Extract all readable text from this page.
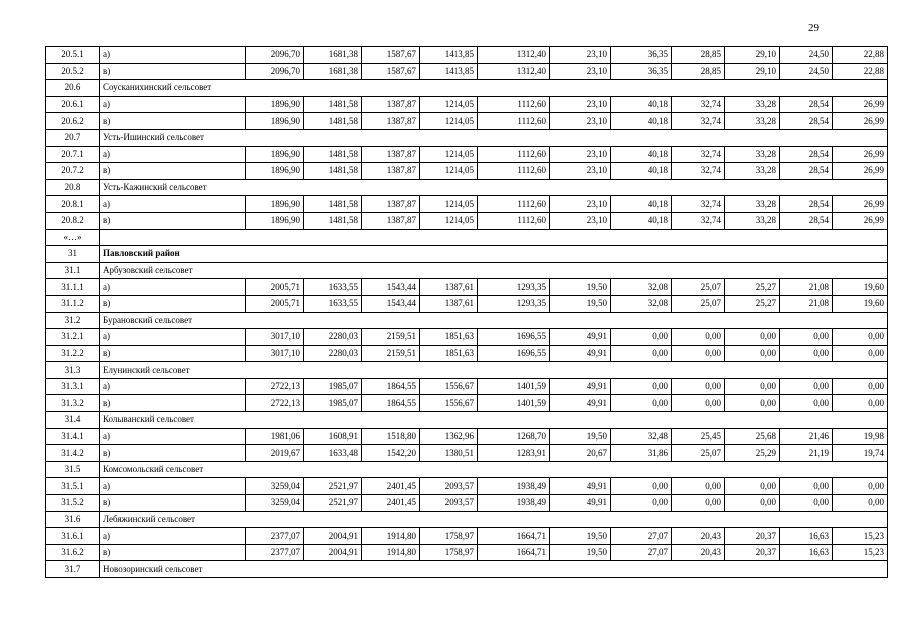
29
20.5.1	а)	2096,70	1681,38	1587,67	1413,85	1312,40	23,10	36,35	28,85	29,10	24,50	22,88
20.5.2	в)	2096,70	1681,38	1587,67	1413,85	1312,40	23,10	36,35	28,85	29,10	24,50	22,88
20.6	Соусканихинский сельсовет											
20.6.1	а)	1896,90	1481,58	1387,87	1214,05	1112,60	23,10	40,18	32,74	33,28	28,54	26,99
20.6.2	в)	1896,90	1481,58	1387,87	1214,05	1112,60	23,10	40,18	32,74	33,28	28,54	26,99
20.7	Усть-Ишинский сельсовет											
20.7.1	а)	1896,90	1481,58	1387,87	1214,05	1112,60	23,10	40,18	32,74	33,28	28,54	26,99
20.7.2	в)	1896,90	1481,58	1387,87	1214,05	1112,60	23,10	40,18	32,74	33,28	28,54	26,99
20.8	Усть-Кажинский сельсовет											
20.8.1	а)	1896,90	1481,58	1387,87	1214,05	1112,60	23,10	40,18	32,74	33,28	28,54	26,99
20.8.2	в)	1896,90	1481,58	1387,87	1214,05	1112,60	23,10	40,18	32,74	33,28	28,54	26,99
«…»												
31	Павловский район											
31.1	Арбузовский сельсовет											
31.1.1	а)	2005,71	1633,55	1543,44	1387,61	1293,35	19,50	32,08	25,07	25,27	21,08	19,60
31.1.2	в)	2005,71	1633,55	1543,44	1387,61	1293,35	19,50	32,08	25,07	25,27	21,08	19,60
31.2	Бурановский сельсовет											
31.2.1	а)	3017,10	2280,03	2159,51	1851,63	1696,55	49,91	0,00	0,00	0,00	0,00	0,00
31.2.2	в)	3017,10	2280,03	2159,51	1851,63	1696,55	49,91	0,00	0,00	0,00	0,00	0,00
31.3	Елунинский сельсовет											
31.3.1	а)	2722,13	1985,07	1864,55	1556,67	1401,59	49,91	0,00	0,00	0,00	0,00	0,00
31.3.2	в)	2722,13	1985,07	1864,55	1556,67	1401,59	49,91	0,00	0,00	0,00	0,00	0,00
31.4	Колыванский сельсовет											
31.4.1	а)	1981,06	1608,91	1518,80	1362,96	1268,70	19,50	32,48	25,45	25,68	21,46	19,98
31.4.2	в)	2019,67	1633,48	1542,20	1380,51	1283,91	20,67	31,86	25,07	25,29	21,19	19,74
31.5	Комсомольский сельсовет											
31.5.1	а)	3259,04	2521,97	2401,45	2093,57	1938,49	49,91	0,00	0,00	0,00	0,00	0,00
31.5.2	в)	3259,04	2521,97	2401,45	2093,57	1938,49	49,91	0,00	0,00	0,00	0,00	0,00
31.6	Лебяжинский сельсовет											
31.6.1	а)	2377,07	2004,91	1914,80	1758,97	1664,71	19,50	27,07	20,43	20,37	16,63	15,23
31.6.2	в)	2377,07	2004,91	1914,80	1758,97	1664,71	19,50	27,07	20,43	20,37	16,63	15,23
31.7	Новозоринский сельсовет											
